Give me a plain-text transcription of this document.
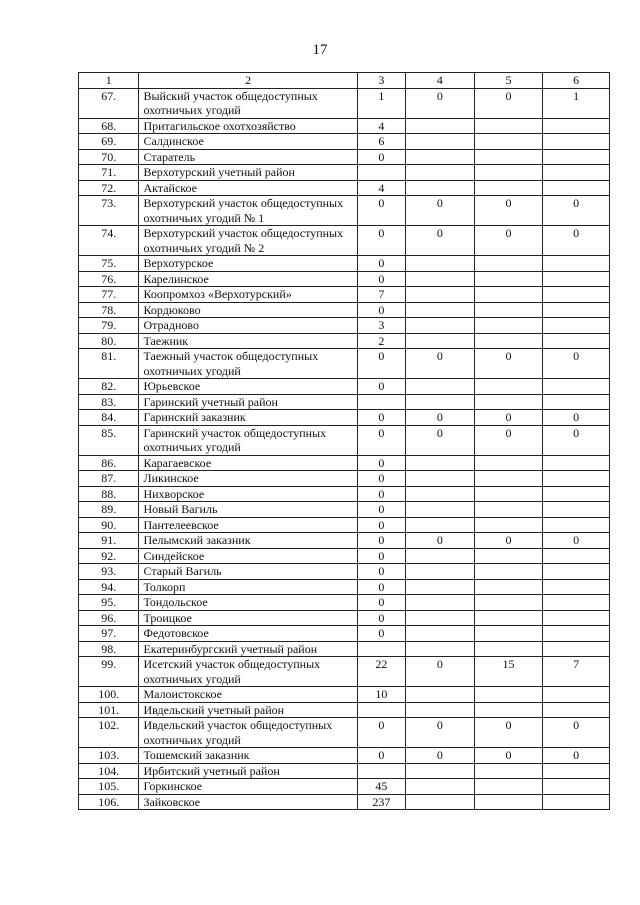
17
1	2	3	4	5	6
67.	Выйский участок общедоступных охотничьих угодий	1	0	0	1
68.	Притагильское охотхозяйство	4			
69.	Салдинское	6			
70.	Старатель	0			
71.	Верхотурский учетный район				
72.	Актайское	4			
73.	Верхотурский участок общедоступных охотничьих угодий № 1	0	0	0	0
74.	Верхотурский участок общедоступных охотничьих угодий № 2	0	0	0	0
75.	Верхотурское	0			
76.	Карелинское	0			
77.	Коопромхоз «Верхотурский»	7			
78.	Кордюково	0			
79.	Отрадново	3			
80.	Таежник	2			
81.	Таежный участок общедоступных охотничьих угодий	0	0	0	0
82.	Юрьевское	0			
83.	Гаринский учетный район				
84.	Гаринский заказник	0	0	0	0
85.	Гаринский участок общедоступных охотничьих угодий	0	0	0	0
86.	Карагаевское	0			
87.	Ликинское	0			
88.	Нихворское	0			
89.	Новый Вагиль	0			
90.	Пантелеевское	0			
91.	Пелымский заказник	0	0	0	0
92.	Синдейское	0			
93.	Старый Вагиль	0			
94.	Толкорп	0			
95.	Тондольское	0			
96.	Троицкое	0			
97.	Федотовское	0			
98.	Екатеринбургский учетный район				
99.	Исетский участок общедоступных охотничьих угодий	22	0	15	7
100.	Малоистокское	10			
101.	Ивдельский учетный район				
102.	Ивдельский участок общедоступных охотничьих угодий	0	0	0	0
103.	Тошемский заказник	0	0	0	0
104.	Ирбитский учетный район				
105.	Горкинское	45			
106.	Зайковское	237			
